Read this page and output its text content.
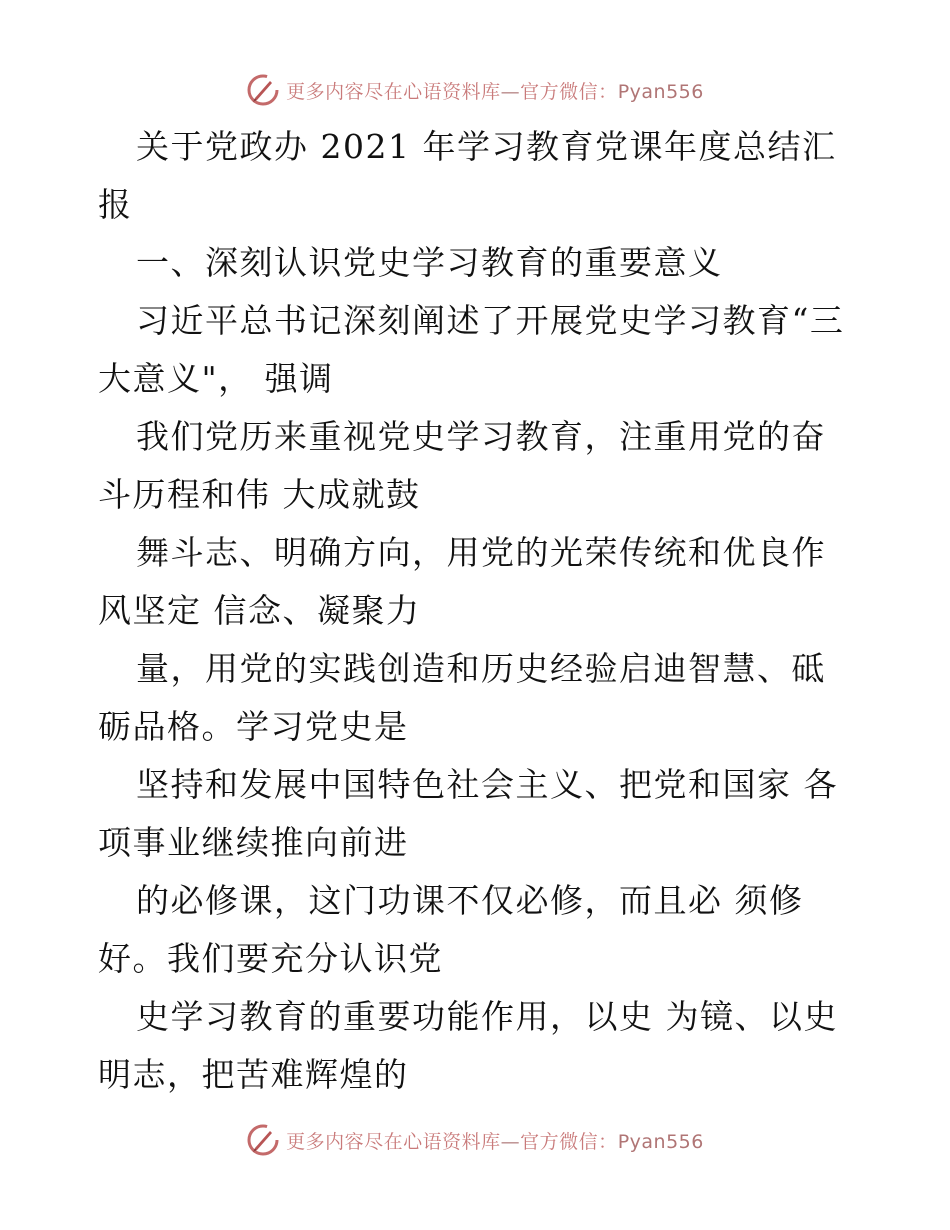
更多内容尽在心语资料库—官方微信：Pyan556

关于党政办 2021 年学习教育党课年度总结汇报

一、深刻认识党史学习教育的重要意义

习近平总书记深刻阐述了开展党史学习教育“三大意义"， 强调

我们党历来重视党史学习教育，注重用党的奋斗历程和伟 大成就鼓

舞斗志、明确方向，用党的光荣传统和优良作风坚定 信念、凝聚力

量，用党的实践创造和历史经验启迪智慧、砥砺品格。学习党史是

坚持和发展中国特色社会主义、把党和国家 各项事业继续推向前进

的必修课，这门功课不仅必修，而且必 须修好。我们要充分认识党

史学习教育的重要功能作用，以史 为镜、以史明志，把苦难辉煌的

更多内容尽在心语资料库—官方微信：Pyan556
